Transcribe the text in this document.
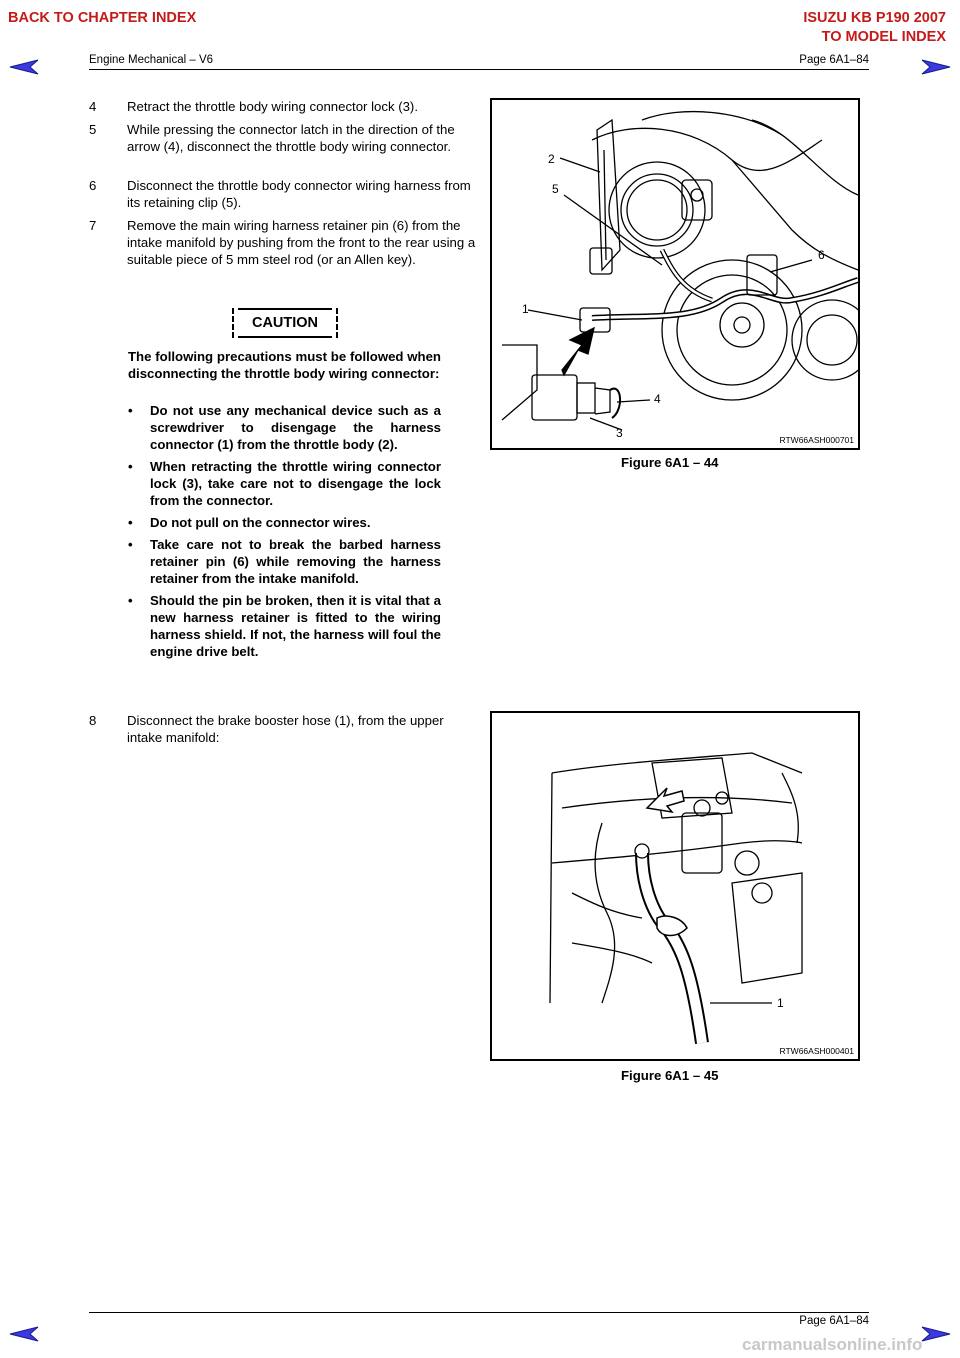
BACK TO CHAPTER INDEX	ISUZU KB P190 2007
TO MODEL INDEX
Engine Mechanical – V6	Page 6A1–84
4	Retract the throttle body wiring connector lock (3).
5	While pressing the connector latch in the direction of the arrow (4), disconnect the throttle body wiring connector.
6	Disconnect the throttle body connector wiring harness from its retaining clip (5).
7	Remove the main wiring harness retainer pin (6) from the intake manifold by pushing from the front to the rear using a suitable piece of 5 mm steel rod (or an Allen key).
CAUTION
The following precautions must be followed when disconnecting the throttle body wiring connector:
• Do not use any mechanical device such as a screwdriver to disengage the harness connector (1) from the throttle body (2).
• When retracting the throttle wiring connector lock (3), take care not to disengage the lock from the connector.
• Do not pull on the connector wires.
• Take care not to break the barbed harness retainer pin (6) while removing the harness retainer from the intake manifold.
• Should the pin be broken, then it is vital that a new harness retainer is fitted to the wiring harness shield. If not, the harness will foul the engine drive belt.
8	Disconnect the brake booster hose (1), from the upper intake manifold:
2
5
6
1
4
3	RTW66ASH000701
Figure 6A1 – 44
1
RTW66ASH000401
Figure 6A1 – 45
Page 6A1–84
carmanualsonline.info
